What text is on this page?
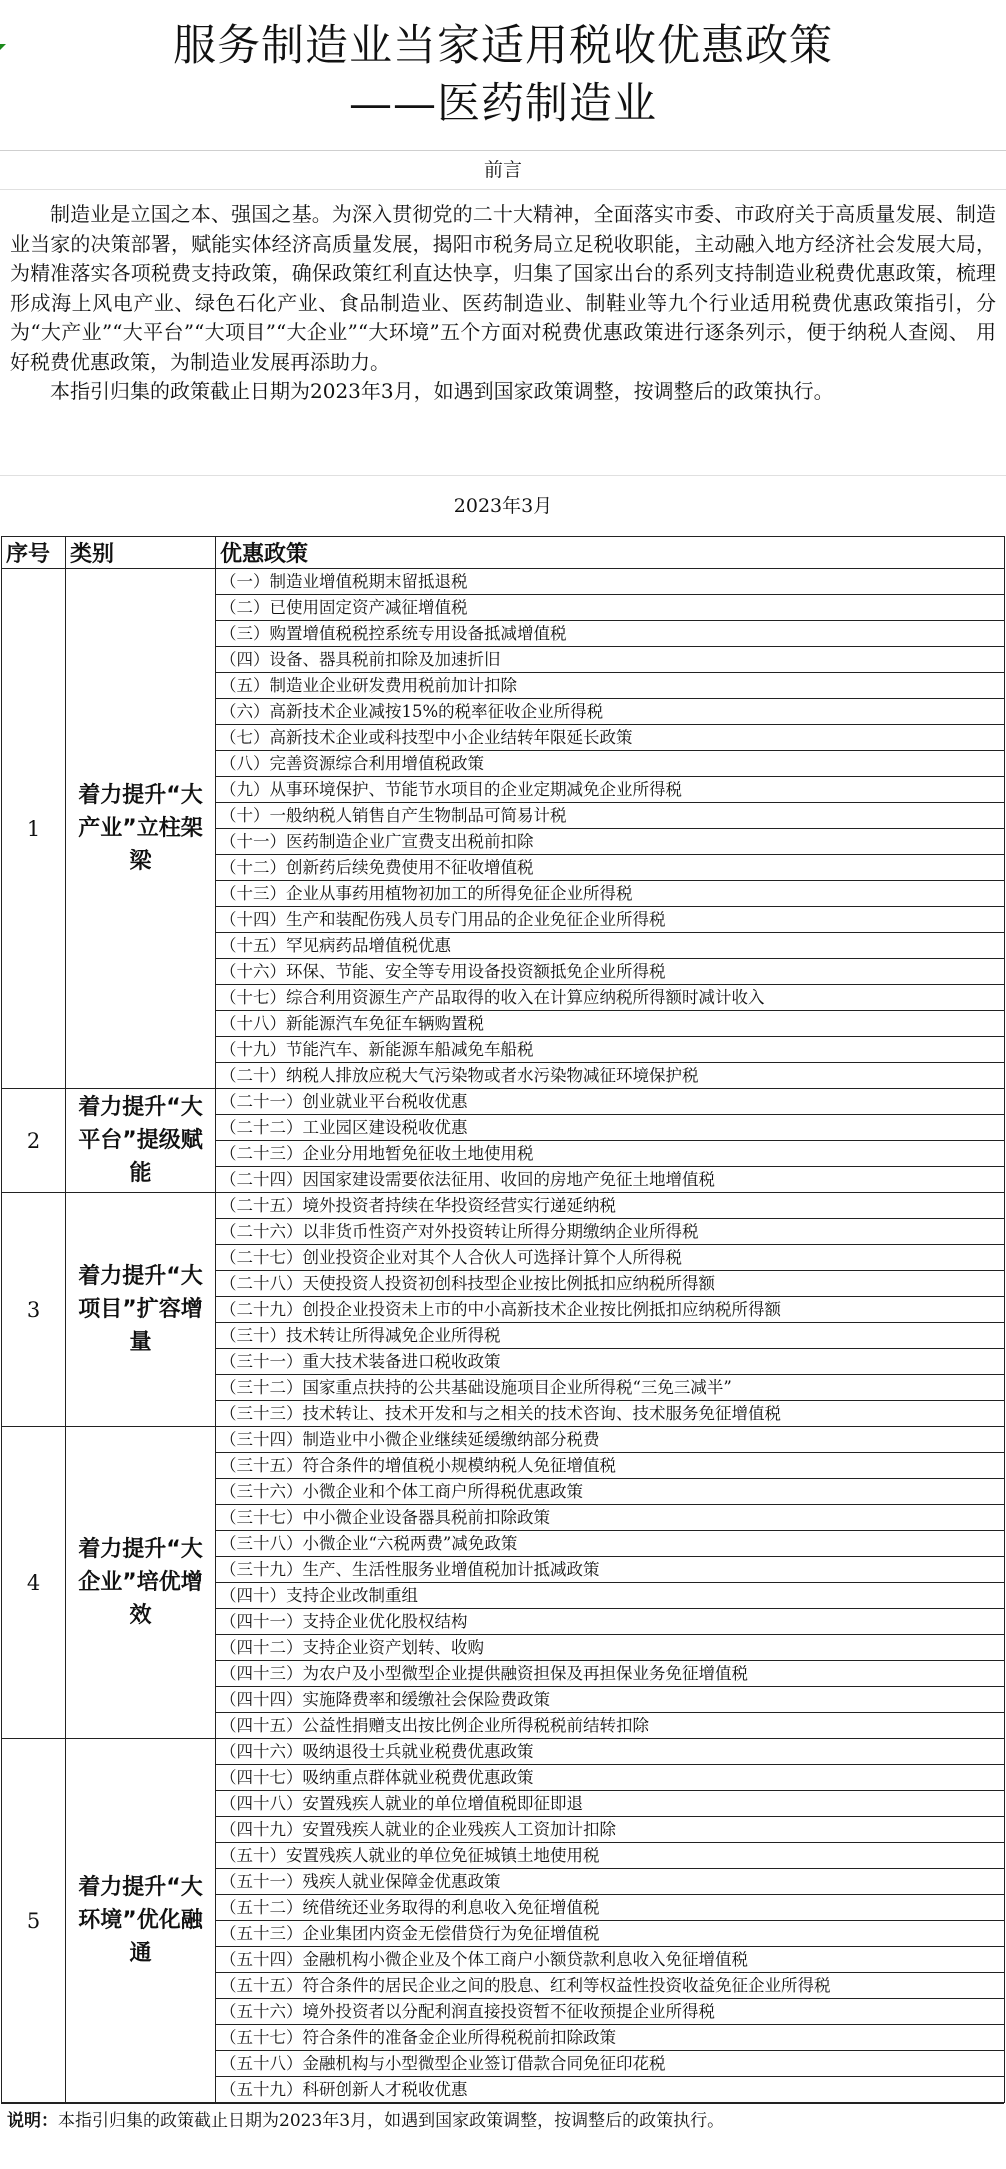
服务制造业当家适用税收优惠政策
——医药制造业
前言

制造业是立国之本、强国之基。为深入贯彻党的二十大精神，全面落实市委、市政府关于高质量发展、制造业当家的决策部署，赋能实体经济高质量发展，揭阳市税务局立足税收职能，主动融入地方经济社会发展大局，为精准落实各项税费支持政策，确保政策红利直达快享，归集了国家出台的系列支持制造业税费优惠政策，梳理形成海上风电产业、绿色石化产业、食品制造业、医药制造业、制鞋业等九个行业适用税费优惠政策指引，分为“大产业”“大平台”“大项目”“大企业”“大环境”五个方面对税费优惠政策进行逐条列示，便于纳税人查阅、 用好税费优惠政策，为制造业发展再添助力。

本指引归集的政策截止日期为2023年3月，如遇到国家政策调整，按调整后的政策执行。

2023年3月
序号	类别	优惠政策
1	着力提升“大产业”立柱架梁	（一）制造业增值税期末留抵退税
		（二）已使用固定资产减征增值税
		（三）购置增值税税控系统专用设备抵减增值税
		（四）设备、器具税前扣除及加速折旧
		（五）制造业企业研发费用税前加计扣除
		（六）高新技术企业减按15%的税率征收企业所得税
		（七）高新技术企业或科技型中小企业结转年限延长政策
		（八）完善资源综合利用增值税政策
		（九）从事环境保护、节能节水项目的企业定期减免企业所得税
		（十）一般纳税人销售自产生物制品可简易计税
		（十一）医药制造企业广宣费支出税前扣除
		（十二）创新药后续免费使用不征收增值税
		（十三）企业从事药用植物初加工的所得免征企业所得税
		（十四）生产和装配伤残人员专门用品的企业免征企业所得税
		（十五）罕见病药品增值税优惠
		（十六）环保、节能、安全等专用设备投资额抵免企业所得税
		（十七）综合利用资源生产产品取得的收入在计算应纳税所得额时减计收入
		（十八）新能源汽车免征车辆购置税
		（十九）节能汽车、新能源车船减免车船税
		（二十）纳税人排放应税大气污染物或者水污染物减征环境保护税
2	着力提升“大平台”提级赋能	（二十一）创业就业平台税收优惠
		（二十二）工业园区建设税收优惠
		（二十三）企业分用地暂免征收土地使用税
		（二十四）因国家建设需要依法征用、收回的房地产免征土地增值税
3	着力提升“大项目”扩容增量	（二十五）境外投资者持续在华投资经营实行递延纳税
		（二十六）以非货币性资产对外投资转让所得分期缴纳企业所得税
		（二十七）创业投资企业对其个人合伙人可选择计算个人所得税
		（二十八）天使投资人投资初创科技型企业按比例抵扣应纳税所得额
		（二十九）创投企业投资未上市的中小高新技术企业按比例抵扣应纳税所得额
		（三十）技术转让所得减免企业所得税
		（三十一）重大技术装备进口税收政策
		（三十二）国家重点扶持的公共基础设施项目企业所得税“三免三减半”
		（三十三）技术转让、技术开发和与之相关的技术咨询、技术服务免征增值税
4	着力提升“大企业”培优增效	（三十四）制造业中小微企业继续延缓缴纳部分税费
		（三十五）符合条件的增值税小规模纳税人免征增值税
		（三十六）小微企业和个体工商户所得税优惠政策
		（三十七）中小微企业设备器具税前扣除政策
		（三十八）小微企业“六税两费”减免政策
		（三十九）生产、生活性服务业增值税加计抵减政策
		（四十）支持企业改制重组
		（四十一）支持企业优化股权结构
		（四十二）支持企业资产划转、收购
		（四十三）为农户及小型微型企业提供融资担保及再担保业务免征增值税
		（四十四）实施降费率和缓缴社会保险费政策
		（四十五）公益性捐赠支出按比例企业所得税税前结转扣除
5	着力提升“大环境”优化融通	（四十六）吸纳退役士兵就业税费优惠政策
		（四十七）吸纳重点群体就业税费优惠政策
		（四十八）安置残疾人就业的单位增值税即征即退
		（四十九）安置残疾人就业的企业残疾人工资加计扣除
		（五十）安置残疾人就业的单位免征城镇土地使用税
		（五十一）残疾人就业保障金优惠政策
		（五十二）统借统还业务取得的利息收入免征增值税
		（五十三）企业集团内资金无偿借贷行为免征增值税
		（五十四）金融机构小微企业及个体工商户小额贷款利息收入免征增值税
		（五十五）符合条件的居民企业之间的股息、红利等权益性投资收益免征企业所得税
		（五十六）境外投资者以分配利润直接投资暂不征收预提企业所得税
		（五十七）符合条件的准备金企业所得税税前扣除政策
		（五十八）金融机构与小型微型企业签订借款合同免征印花税
		（五十九）科研创新人才税收优惠
说明：本指引归集的政策截止日期为2023年3月，如遇到国家政策调整，按调整后的政策执行。
